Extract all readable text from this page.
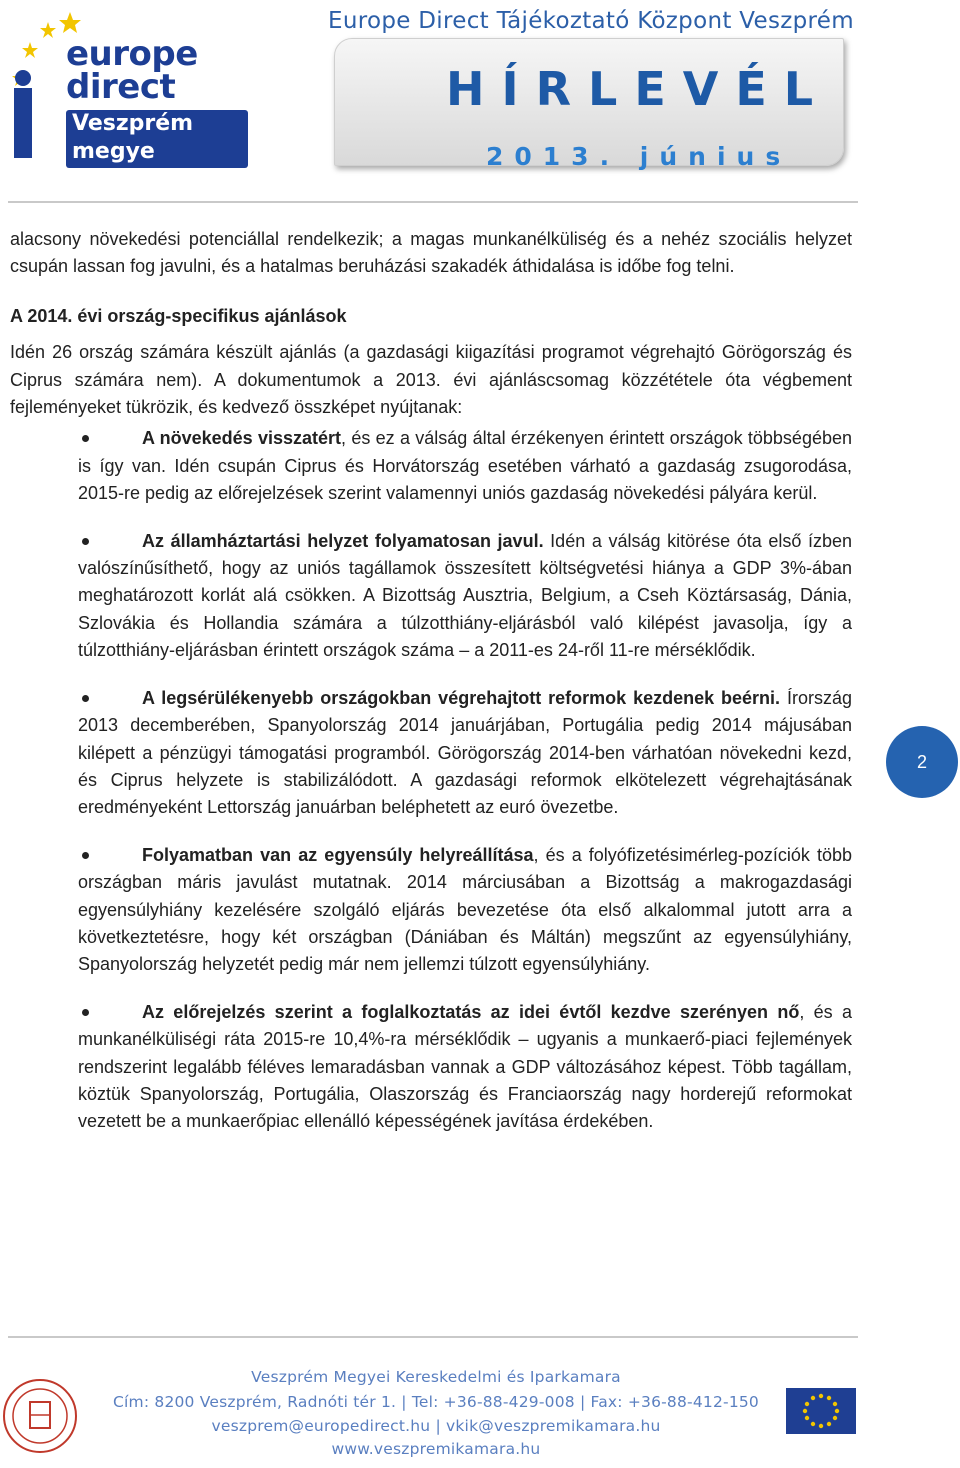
europe
direct
Veszprém megye
Europe Direct Tájékoztató Központ Veszprém
HÍRLEVÉL
2013. június

alacsony növekedési potenciállal rendelkezik; a magas munkanélküliség és a nehéz szociális helyzet csupán lassan fog javulni, és a hatalmas beruházási szakadék áthidalása is időbe fog telni.

A 2014. évi ország-specifikus ajánlások

Idén 26 ország számára készült ajánlás (a gazdasági kiigazítási programot végrehajtó Görögország és Ciprus számára nem). A dokumentumok a 2013. évi ajánláscsomag közzététele óta végbement fejleményeket tükrözik, és kedvező összképet nyújtanak:

A növekedés visszatért, és ez a válság által érzékenyen érintett országok többségében is így van. Idén csupán Ciprus és Horvátország esetében várható a gazdaság zsugorodása, 2015-re pedig az előrejelzések szerint valamennyi uniós gazdaság növekedési pályára kerül.
Az államháztartási helyzet folyamatosan javul. Idén a válság kitörése óta első ízben valószínűsíthető, hogy az uniós tagállamok összesített költségvetési hiánya a GDP 3%-ában meghatározott korlát alá csökken. A Bizottság Ausztria, Belgium, a Cseh Köztársaság, Dánia, Szlovákia és Hollandia számára a túlzotthiány-eljárásból való kilépést javasolja, így a túlzotthiány-eljárásban érintett országok száma – a 2011-es 24-ről 11-re mérséklődik.
A legsérülékenyebb országokban végrehajtott reformok kezdenek beérni. Írország 2013 decemberében, Spanyolország 2014 januárjában, Portugália pedig 2014 májusában kilépett a pénzügyi támogatási programból. Görögország 2014-ben várhatóan növekedni kezd, és Ciprus helyzete is stabilizálódott. A gazdasági reformok elkötelezett végrehajtásának eredményeként Lettország januárban beléphetett az euró övezetbe.
Folyamatban van az egyensúly helyreállítása, és a folyófizetésimérleg-pozíciók több országban máris javulást mutatnak. 2014 márciusában a Bizottság a makrogazdasági egyensúlyhiány kezelésére szolgáló eljárás bevezetése óta első alkalommal jutott arra a következtetésre, hogy két országban (Dániában és Máltán) megszűnt az egyensúlyhiány, Spanyolország helyzetét pedig már nem jellemzi túlzott egyensúlyhiány.
Az előrejelzés szerint a foglalkoztatás az idei évtől kezdve szerényen nő, és a munkanélküliségi ráta 2015-re 10,4%-ra mérséklődik – ugyanis a munkaerő-piaci fejlemények rendszerint legalább féléves lemaradásban vannak a GDP változásához képest. Több tagállam, köztük Spanyolország, Portugália, Olaszország és Franciaország nagy horderejű reformokat vezetett be a munkaerőpiac ellenálló képességének javítása érdekében.
2
Veszprém Megyei Kereskedelmi és Iparkamara
Cím: 8200 Veszprém, Radnóti tér 1. | Tel: +36-88-429-008 | Fax: +36-88-412-150
veszprem@europedirect.hu | vkik@veszpremikamara.hu
www.veszpremikamara.hu
